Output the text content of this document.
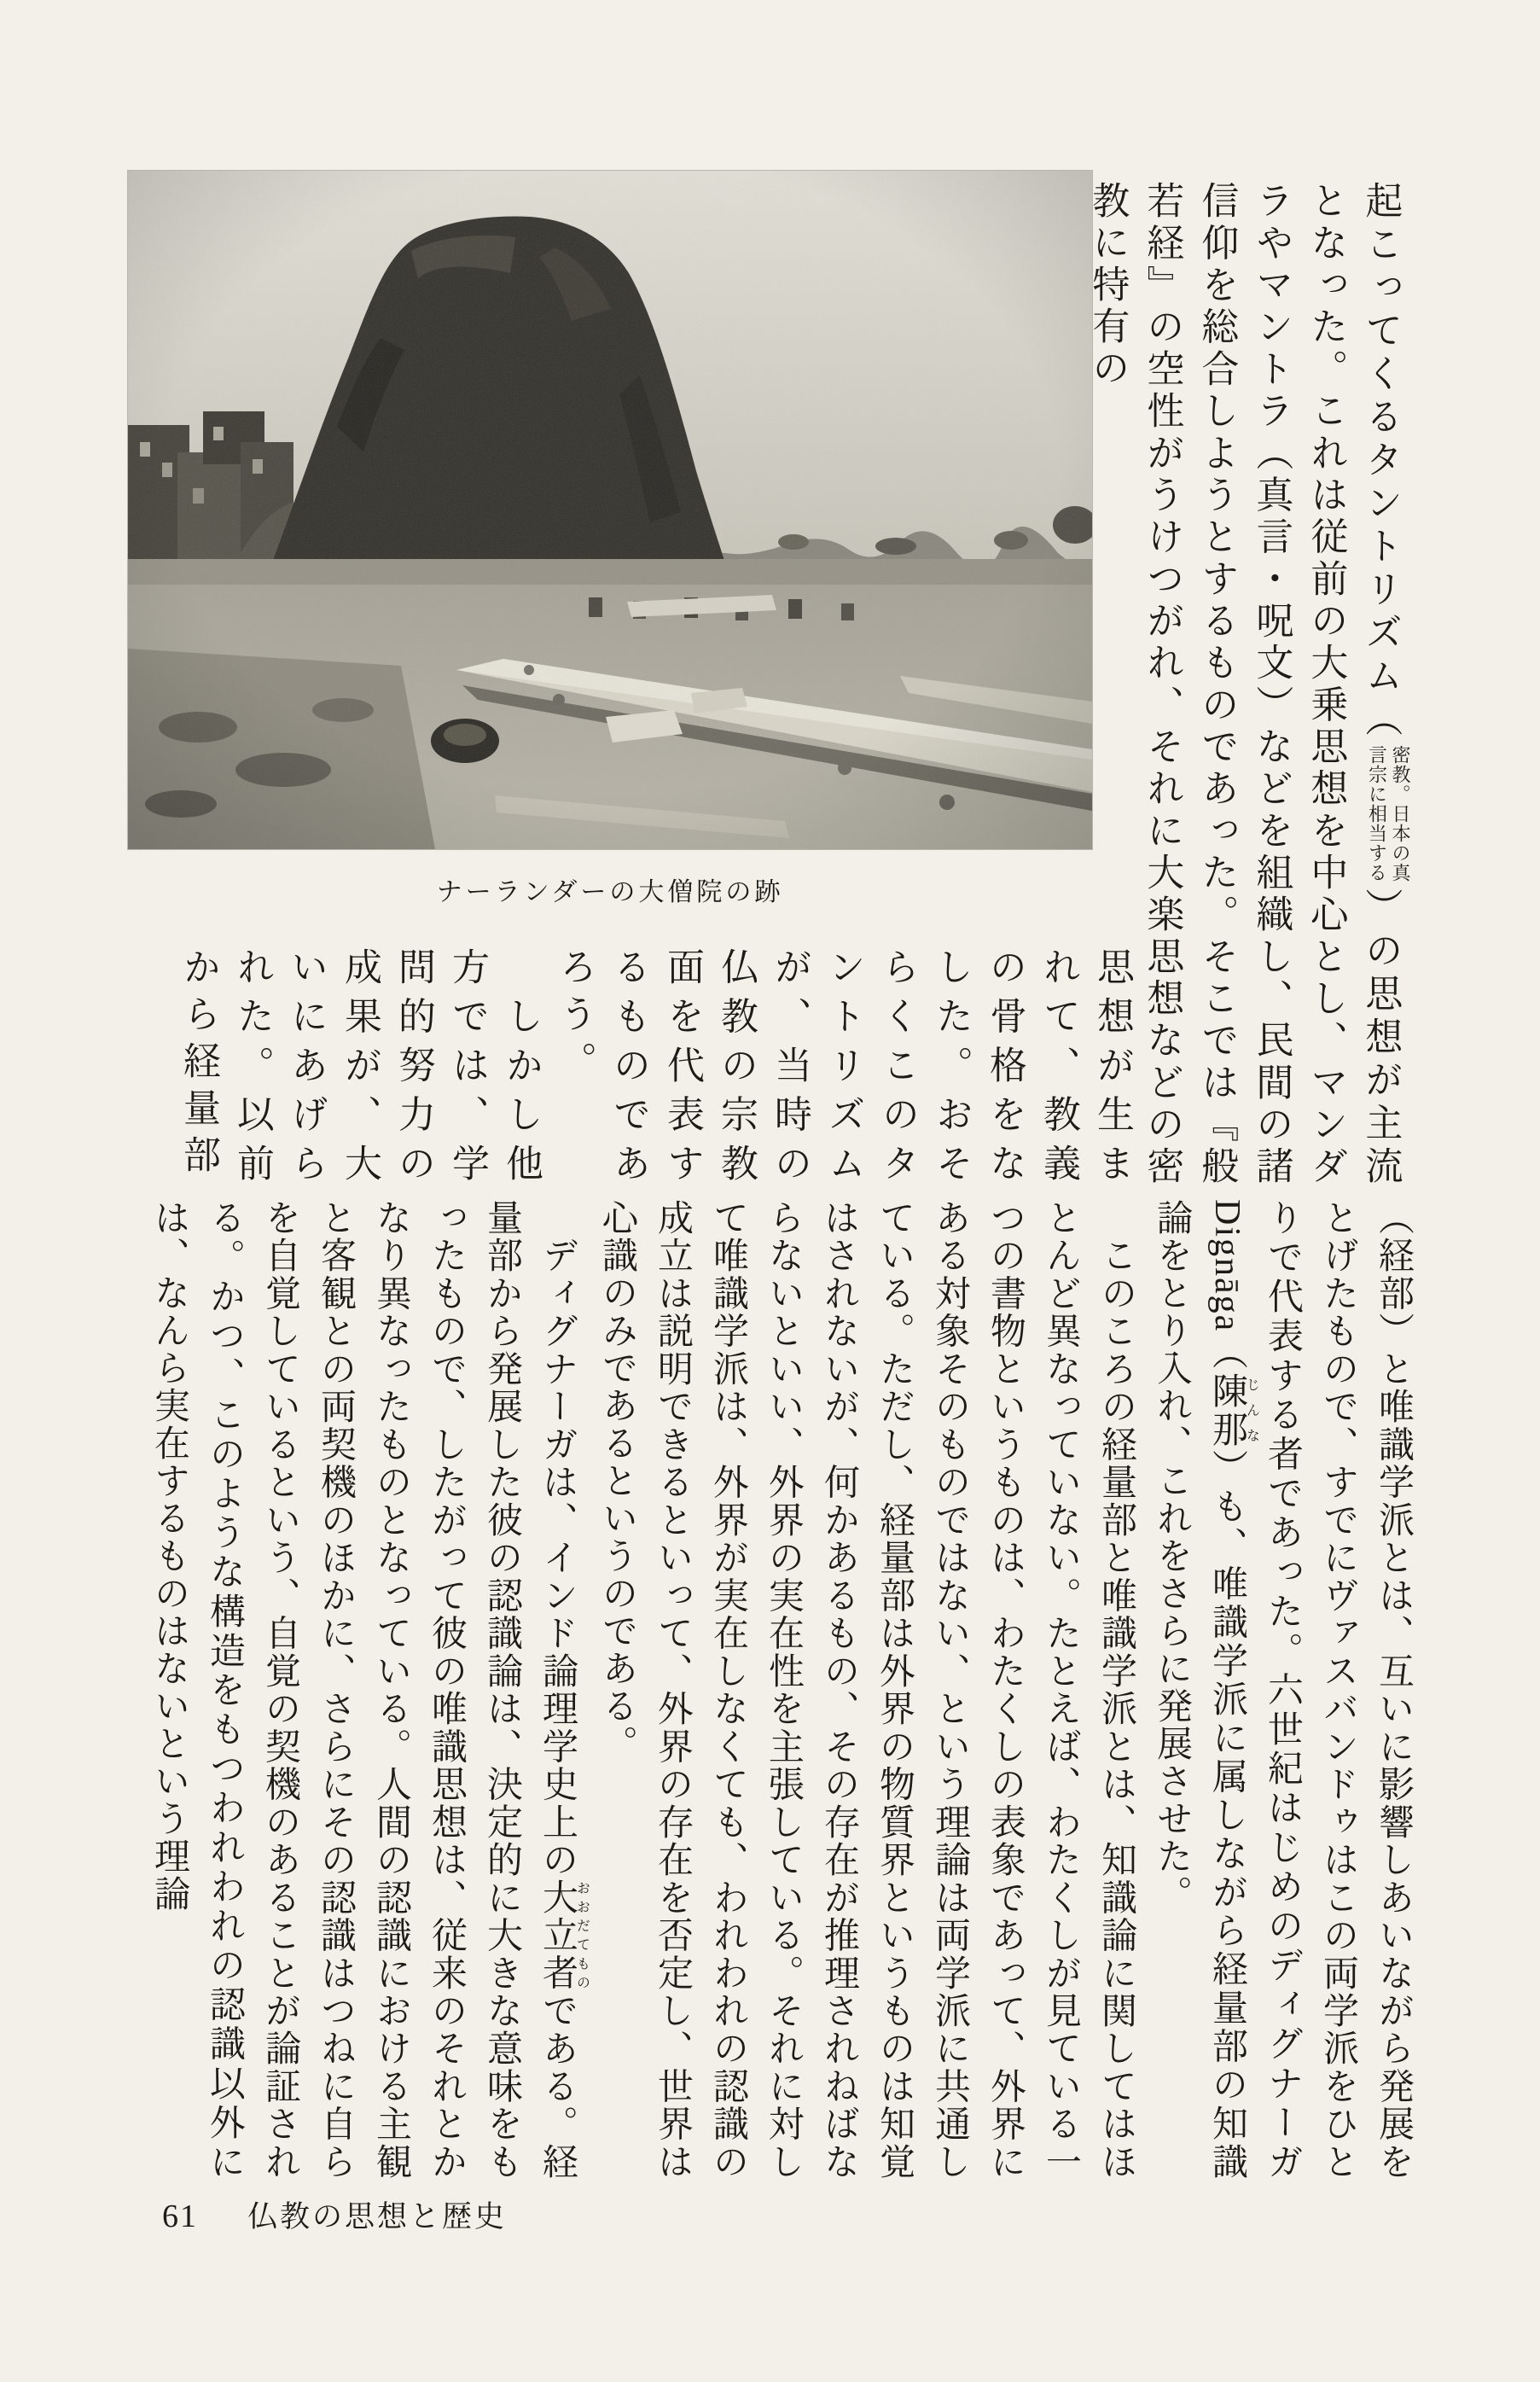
ナーランダーの大僧院の跡

起こってくるタントリズム（
密教。日本の真
言宗に相当する
）の思想が主流となった。これは従前の大乗思想を中心とし、マンダラやマントラ（真言・呪文）などを組織し、民間の諸信仰を総合しようとするものであった。そこでは『般若経』の空性がうけつがれ、それに大楽思想などの密教に特有の

思想が生まれて、教義の骨格をなした。おそらくこのタントリズムが、当時の仏教の宗教面を代表するものであろう。

　しかし他方では、学問的努力の成果が、大いにあげられた。以前から経量部

（経部）と唯識学派とは、互いに影響しあいながら発展をとげたもので、すでにヴァスバンドゥはこの両学派をひとりで代表する者であった。六世紀はじめのディグナーガ Dignāga（陳那じんな）も、唯識学派に属しながら経量部の知識論をとり入れ、これをさらに発展させた。

　このころの経量部と唯識学派とは、知識論に関してはほとんど異なっていない。たとえば、わたくしが見ている一つの書物というものは、わたくしの表象であって、外界にある対象そのものではない、という理論は両学派に共通している。ただし、経量部は外界の物質界というものは知覚はされないが、何かあるもの、その存在が推理されねばならないといい、外界の実在性を主張している。それに対して唯識学派は、外界が実在しなくても、われわれの認識の成立は説明できるといって、外界の存在を否定し、世界は心識のみであるというのである。

　ディグナーガは、インド論理学史上の大立者おおだてものである。経量部から発展した彼の認識論は、決定的に大きな意味をもったもので、したがって彼の唯識思想は、従来のそれとかなり異なったものとなっている。人間の認識における主観と客観との両契機のほかに、さらにその認識はつねに自らを自覚しているという、自覚の契機のあることが論証される。かつ、このような構造をもつわれわれの認識以外には、なんら実在するものはないという理論

61 仏教の思想と歴史
